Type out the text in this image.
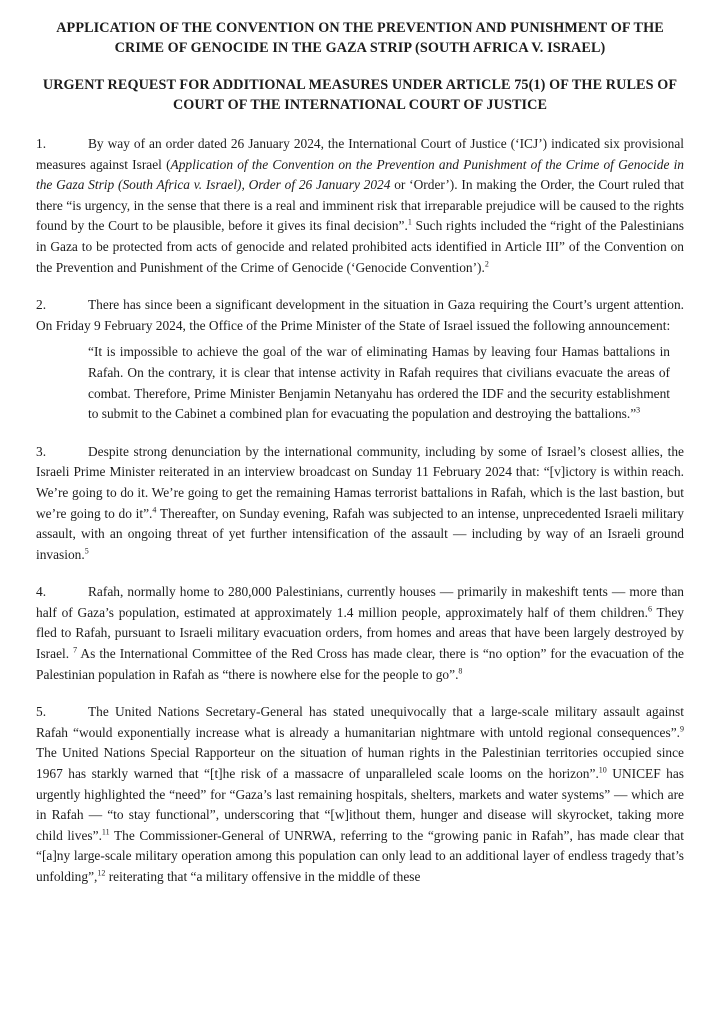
APPLICATION OF THE CONVENTION ON THE PREVENTION AND PUNISHMENT OF THE CRIME OF GENOCIDE IN THE GAZA STRIP (SOUTH AFRICA V. ISRAEL)

URGENT REQUEST FOR ADDITIONAL MEASURES UNDER ARTICLE 75(1) OF THE RULES OF COURT OF THE INTERNATIONAL COURT OF JUSTICE

1.	By way of an order dated 26 January 2024, the International Court of Justice (‘ICJ’) indicated six provisional measures against Israel (Application of the Convention on the Prevention and Punishment of the Crime of Genocide in the Gaza Strip (South Africa v. Israel), Order of 26 January 2024 or ‘Order’). In making the Order, the Court ruled that there “is urgency, in the sense that there is a real and imminent risk that irreparable prejudice will be caused to the rights found by the Court to be plausible, before it gives its final decision”.$^1$ Such rights included the “right of the Palestinians in Gaza to be protected from acts of genocide and related prohibited acts identified in Article III” of the Convention on the Prevention and Punishment of the Crime of Genocide (‘Genocide Convention’).$^2$

2.	There has since been a significant development in the situation in Gaza requiring the Court’s urgent attention. On Friday 9 February 2024, the Office of the Prime Minister of the State of Israel issued the following announcement:

“It is impossible to achieve the goal of the war of eliminating Hamas by leaving four Hamas battalions in Rafah. On the contrary, it is clear that intense activity in Rafah requires that civilians evacuate the areas of combat. Therefore, Prime Minister Benjamin Netanyahu has ordered the IDF and the security establishment to submit to the Cabinet a combined plan for evacuating the population and destroying the battalions.”$^3$

3.	Despite strong denunciation by the international community, including by some of Israel’s closest allies, the Israeli Prime Minister reiterated in an interview broadcast on Sunday 11 February 2024 that: “[v]ictory is within reach. We’re going to do it. We’re going to get the remaining Hamas terrorist battalions in Rafah, which is the last bastion, but we’re going to do it”.$^4$ Thereafter, on Sunday evening, Rafah was subjected to an intense, unprecedented Israeli military assault, with an ongoing threat of yet further intensification of the assault — including by way of an Israeli ground invasion.$^5$

4.	Rafah, normally home to 280,000 Palestinians, currently houses — primarily in makeshift tents — more than half of Gaza’s population, estimated at approximately 1.4 million people, approximately half of them children.$^6$ They fled to Rafah, pursuant to Israeli military evacuation orders, from homes and areas that have been largely destroyed by Israel. $^7$ As the International Committee of the Red Cross has made clear, there is “no option” for the evacuation of the Palestinian population in Rafah as “there is nowhere else for the people to go”.$^8$

5.	The United Nations Secretary-General has stated unequivocally that a large-scale military assault against Rafah “would exponentially increase what is already a humanitarian nightmare with untold regional consequences”.$^9$ The United Nations Special Rapporteur on the situation of human rights in the Palestinian territories occupied since 1967 has starkly warned that “[t]he risk of a massacre of unparalleled scale looms on the horizon”.$^{10}$ UNICEF has urgently highlighted the “need” for “Gaza’s last remaining hospitals, shelters, markets and water systems” — which are in Rafah — “to stay functional”, underscoring that “[w]ithout them, hunger and disease will skyrocket, taking more child lives”.$^{11}$ The Commissioner-General of UNRWA, referring to the “growing panic in Rafah”, has made clear that “[a]ny large-scale military operation among this population can only lead to an additional layer of endless tragedy that’s unfolding”,$^{12}$ reiterating that “a military offensive in the middle of these
